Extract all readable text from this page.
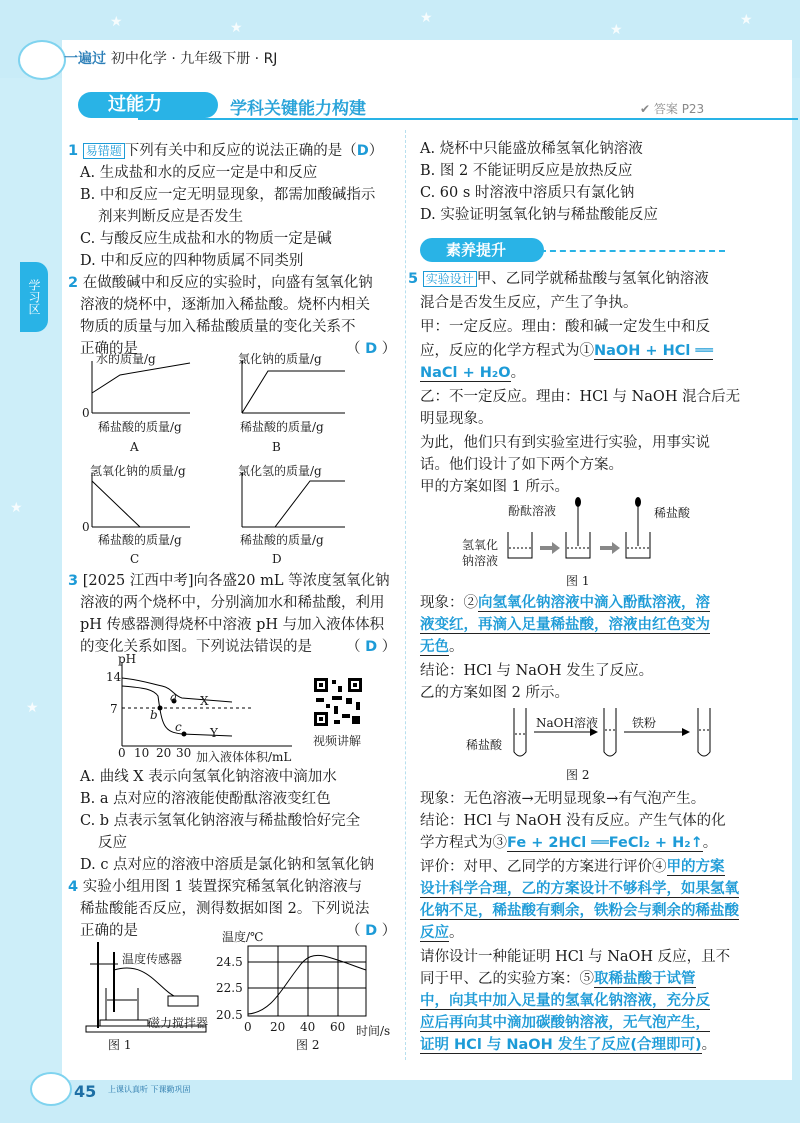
★	★
★
★
★
★
★
一遍过 初中化学 · 九年级下册 · RJ
过能力	学科关键能力构建	✔ 答案 P23
学习区
1 易错题 下列有关中和反应的说法正确的是（D）
A. 生成盐和水的反应一定是中和反应
B. 中和反应一定无明显现象，都需加酸碱指示
剂来判断反应是否发生
C. 与酸反应生成盐和水的物质一定是碱
D. 中和反应的四种物质属不同类别
2 在做酸碱中和反应的实验时，向盛有氢氧化钠
溶液的烧杯中，逐渐加入稀盐酸。烧杯内相关
物质的质量与加入稀盐酸质量的变化关系不
正确的是	（ D ）
水的质量/g	氯化钠的质量/g
0
稀盐酸的质量/g	稀盐酸的质量/g
A	B
氢氧化钠的质量/g	氯化氢的质量/g
0
稀盐酸的质量/g	稀盐酸的质量/g
C	D
3 [2025 江西中考]向各盛20 mL 等浓度氢氧化钠
溶液的两个烧杯中，分别滴加水和稀盐酸，利用
pH 传感器测得烧杯中溶液 pH 与加入液体体积
的变化关系如图。下列说法错误的是 （ D ）
pH
14
7
a
b
c
X
Y
0 10 20 30 加入液体体积/mL
视频讲解
A. 曲线 X 表示向氢氧化钠溶液中滴加水
B. a 点对应的溶液能使酚酞溶液变红色
C. b 点表示氢氧化钠溶液与稀盐酸恰好完全
反应
D. c 点对应的溶液中溶质是氯化钠和氢氧化钠
4 实验小组用图 1 装置探究稀氢氧化钠溶液与
稀盐酸能否反应，测得数据如图 2。下列说法
正确的是	（ D ）
温度传感器
磁力搅拌器
图 1
温度/℃
24.5
22.5
20.5
0 20 40 60 时间/s
图 2
A. 烧杯中只能盛放稀氢氧化钠溶液
B. 图 2 不能证明反应是放热反应
C. 60 s 时溶液中溶质只有氯化钠
D. 实验证明氢氧化钠与稀盐酸能反应
素养提升
5 实验设计 甲、乙同学就稀盐酸与氢氧化钠溶液
混合是否发生反应，产生了争执。
甲：一定反应。理由：酸和碱一定发生中和反
应，反应的化学方程式为①NaOH + HCl ══
NaCl + H₂O。
乙：不一定反应。理由：HCl 与 NaOH 混合后无
明显现象。
为此，他们只有到实验室进行实验，用事实说
话。他们设计了如下两个方案。
甲的方案如图 1 所示。
酚酞溶液	稀盐酸
氢氧化
钠溶液
图 1
现象：②向氢氧化钠溶液中滴入酚酞溶液，溶
液变红，再滴入足量稀盐酸，溶液由红色变为
无色。
结论：HCl 与 NaOH 发生了反应。
乙的方案如图 2 所示。
稀盐酸
NaOH溶液	铁粉
图 2
现象：无色溶液→无明显现象→有气泡产生。
结论：HCl 与 NaOH 没有反应。产生气体的化
学方程式为③Fe + 2HCl ══FeCl₂ + H₂↑。
评价：对甲、乙同学的方案进行评价④甲的方案
设计科学合理，乙的方案设计不够科学，如果氢氧
化钠不足，稀盐酸有剩余，铁粉会与剩余的稀盐酸
反应。
请你设计一种能证明 HCl 与 NaOH 反应，且不
同于甲、乙的实验方案：⑤取稀盐酸于试管
中，向其中加入足量的氢氧化钠溶液，充分反
应后再向其中滴加碳酸钠溶液，无气泡产生，
证明 HCl 与 NaOH 发生了反应(合理即可)。
45 上课认真听 下课勤巩固
